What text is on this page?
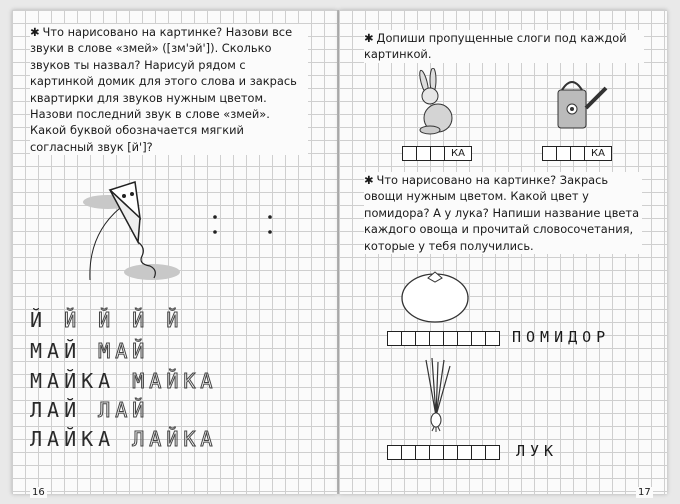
✱ Что нарисовано на картинке? Назови все звуки в слове «змей» ([зм'эй']). Сколько звуков ты назвал? Нарисуй рядом с картинкой домик для этого слова и закрась квартирки для звуков нужным цветом. Назови последний звук в слове «змей». Какой буквой обозначается мягкий согласный звук [й']?
Й Й Й Й Й
МАЙ МАЙ
МАЙКА МАЙКА
ЛАЙ ЛАЙ
ЛАЙКА ЛАЙКА
16
✱ Допиши пропущенные слоги под каждой картинкой.
КА	КА
✱ Что нарисовано на картинке? Закрась овощи нужным цветом. Какой цвет у помидора? А у лука? Напиши название цвета каждого овоща и прочитай словосочетания, которые у тебя получились.
ПОМИДОР
ЛУК
17
